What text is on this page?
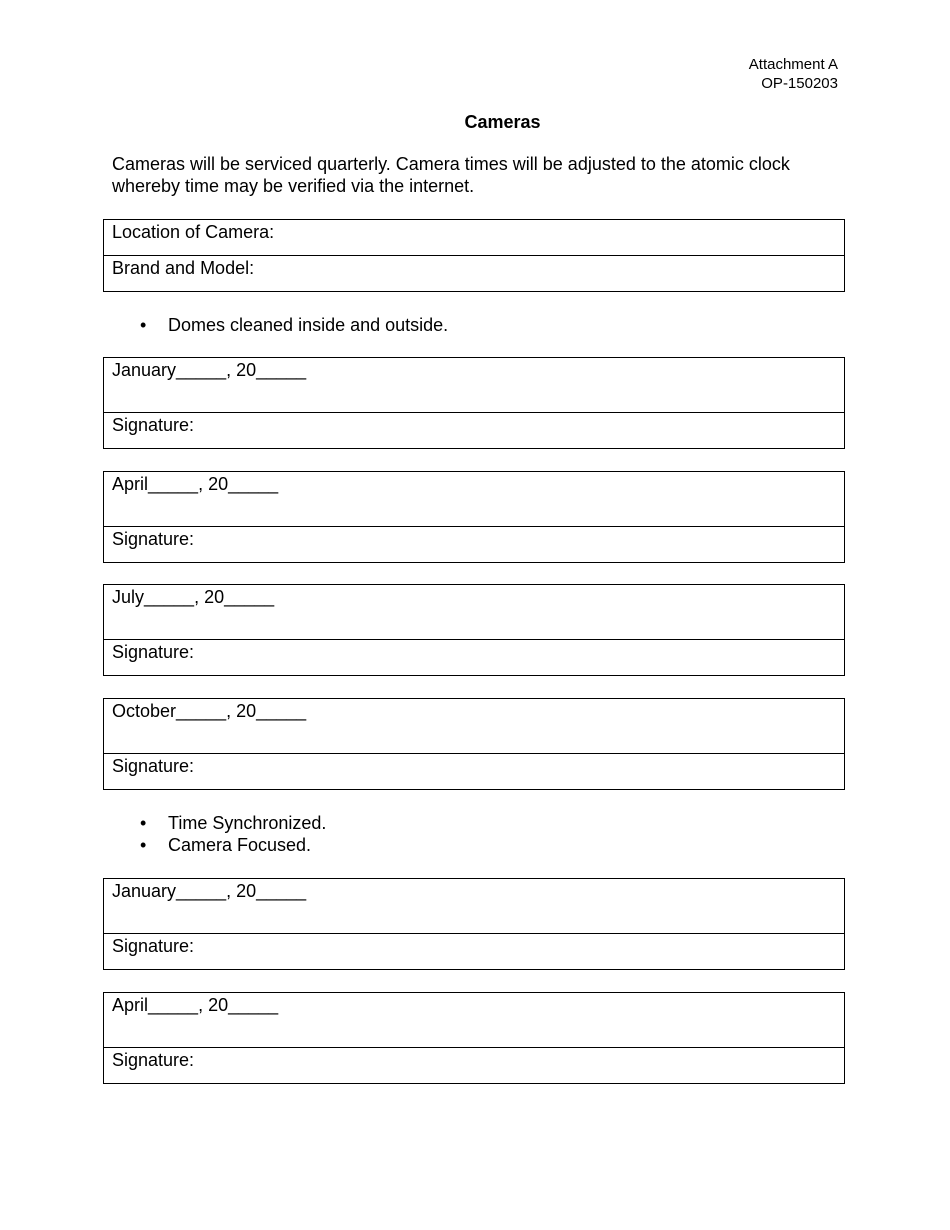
Attachment A
OP-150203
Cameras
Cameras will be serviced quarterly. Camera times will be adjusted to the atomic clock whereby time may be verified via the internet.
Location of Camera:
Brand and Model:
• Domes cleaned inside and outside.
January_____, 20_____
Signature:
April_____, 20_____
Signature:
July_____, 20_____
Signature:
October_____, 20_____
Signature:
• Time Synchronized.
• Camera Focused.
January_____, 20_____
Signature:
April_____, 20_____
Signature:
